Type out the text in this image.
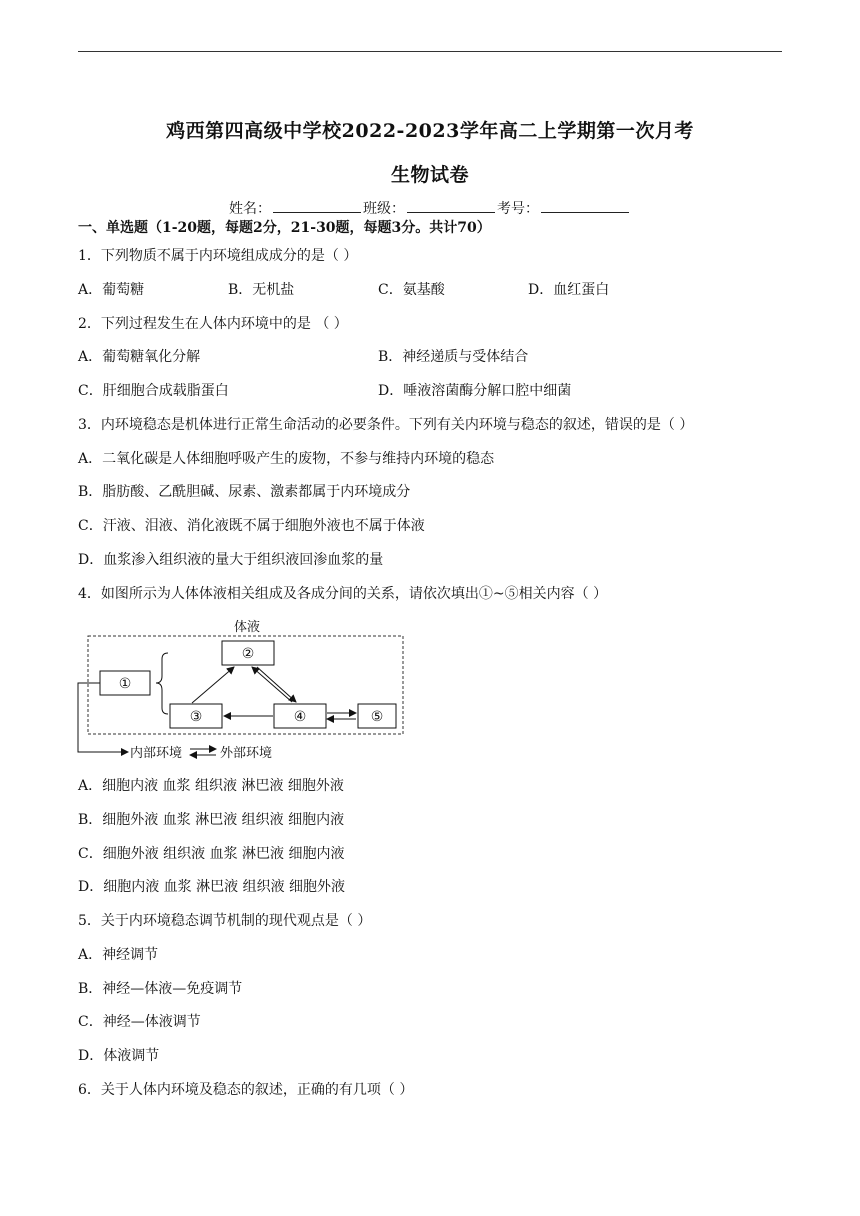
鸡西第四高级中学校2022-2023学年高二上学期第一次月考
生物试卷
姓名：	班级：	考号：
一、单选题（1-20题，每题2分，21-30题，每题3分。共计70）
1．下列物质不属于内环境组成成分的是（ ）
A．葡萄糖	B．无机盐	C．氨基酸	D．血红蛋白
2．下列过程发生在人体内环境中的是 （ ）
A．葡萄糖氧化分解	B．神经递质与受体结合
C．肝细胞合成载脂蛋白	D．唾液溶菌酶分解口腔中细菌
3．内环境稳态是机体进行正常生命活动的必要条件。下列有关内环境与稳态的叙述，错误的是（ ）
A．二氧化碳是人体细胞呼吸产生的废物，不参与维持内环境的稳态
B．脂肪酸、乙酰胆碱、尿素、激素都属于内环境成分
C．汗液、泪液、消化液既不属于细胞外液也不属于体液
D．血浆渗入组织液的量大于组织液回渗血浆的量
4．如图所示为人体体液相关组成及各成分间的关系，请依次填出①~⑤相关内容（ ）
体液
①
②
③	④	⑤
内部环境	外部环境
A．细胞内液 血浆 组织液 淋巴液 细胞外液
B．细胞外液 血浆 淋巴液 组织液 细胞内液
C．细胞外液 组织液 血浆 淋巴液 细胞内液
D．细胞内液 血浆 淋巴液 组织液 细胞外液
5．关于内环境稳态调节机制的现代观点是（ ）
A．神经调节
B．神经—体液—免疫调节
C．神经—体液调节
D．体液调节
6．关于人体内环境及稳态的叙述，正确的有几项（ ）
